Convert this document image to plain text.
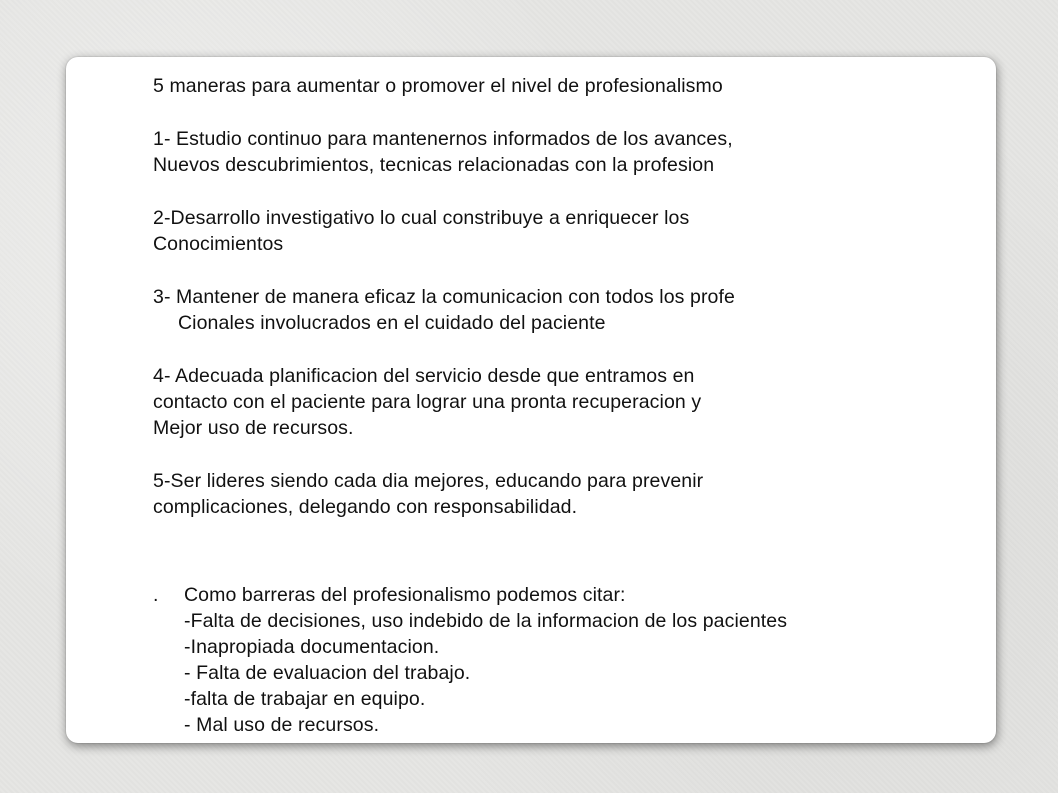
5 maneras para aumentar o promover el nivel de profesionalismo
1- Estudio continuo para mantenernos informados de los avances,
Nuevos descubrimientos, tecnicas relacionadas con la profesion
2-Desarrollo investigativo lo cual constribuye a enriquecer los
Conocimientos
3- Mantener de manera eficaz la comunicacion con todos los profe
Cionales involucrados en el cuidado del paciente
4- Adecuada planificacion del servicio desde que entramos en
contacto con el paciente para lograr una pronta recuperacion y
Mejor uso de recursos.
5-Ser lideres siendo cada dia mejores, educando para prevenir
complicaciones, delegando con responsabilidad.
. Como barreras del profesionalismo podemos citar:
-Falta de decisiones, uso indebido de la informacion de los pacientes
-Inapropiada documentacion.
- Falta de evaluacion del trabajo.
-falta de trabajar en equipo.
- Mal uso de recursos.
